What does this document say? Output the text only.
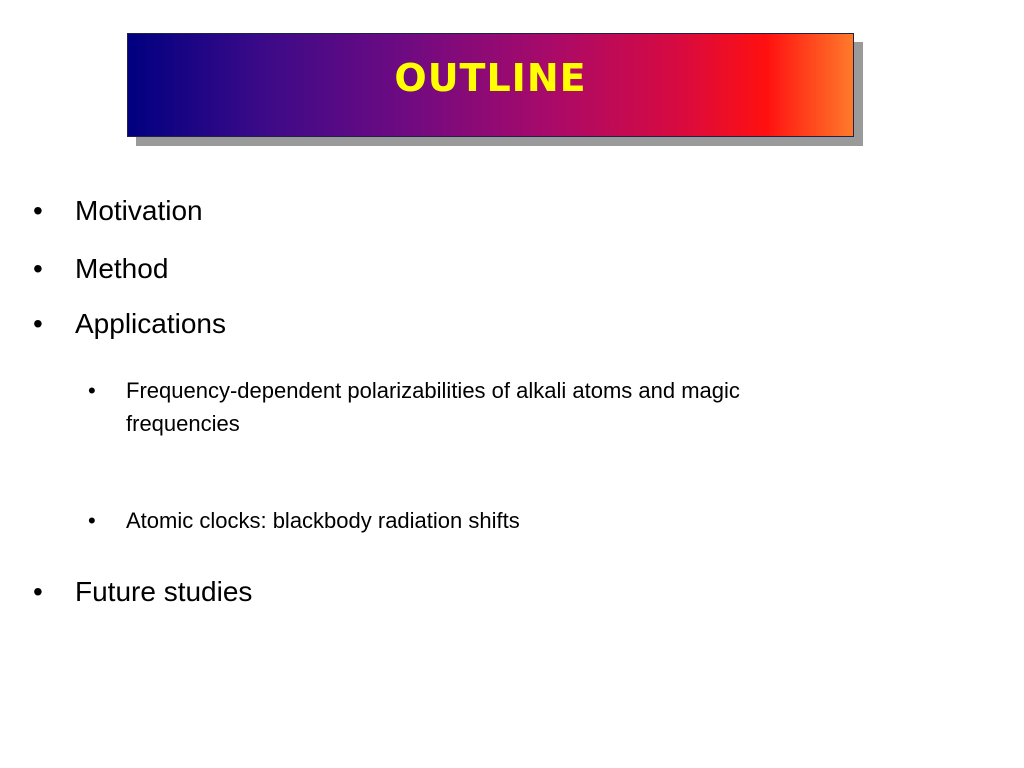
OUTLINE
• Motivation
• Method
• Applications
• Frequency-dependent polarizabilities of alkali atoms and magic frequencies
• Atomic clocks: blackbody radiation shifts
• Future studies
